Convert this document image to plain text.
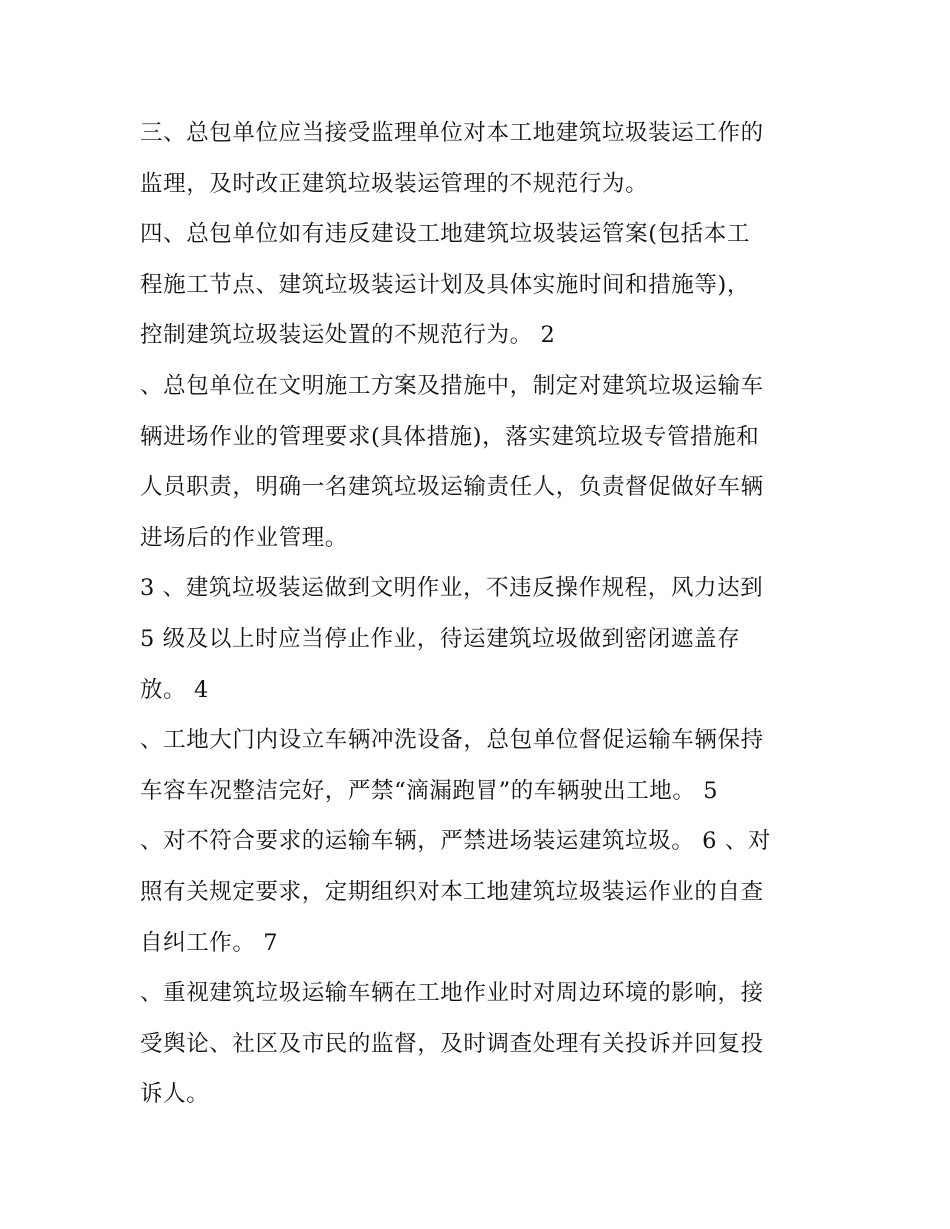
三、总包单位应当接受监理单位对本工地建筑垃圾装运工作的
监理，及时改正建筑垃圾装运管理的不规范行为。
四、总包单位如有违反建设工地建筑垃圾装运管案(包括本工
程施工节点、建筑垃圾装运计划及具体实施时间和措施等)，
控制建筑垃圾装运处置的不规范行为。 2
、总包单位在文明施工方案及措施中，制定对建筑垃圾运输车
辆进场作业的管理要求(具体措施)，落实建筑垃圾专管措施和
人员职责，明确一名建筑垃圾运输责任人，负责督促做好车辆
进场后的作业管理。
3 、建筑垃圾装运做到文明作业，不违反操作规程，风力达到
5 级及以上时应当停止作业，待运建筑垃圾做到密闭遮盖存
放。 4
、工地大门内设立车辆冲洗设备，总包单位督促运输车辆保持
车容车况整洁完好，严禁“滴漏跑冒”的车辆驶出工地。 5
、对不符合要求的运输车辆，严禁进场装运建筑垃圾。 6 、对
照有关规定要求，定期组织对本工地建筑垃圾装运作业的自查
自纠工作。 7
、重视建筑垃圾运输车辆在工地作业时对周边环境的影响，接
受舆论、社区及市民的监督，及时调查处理有关投诉并回复投
诉人。
